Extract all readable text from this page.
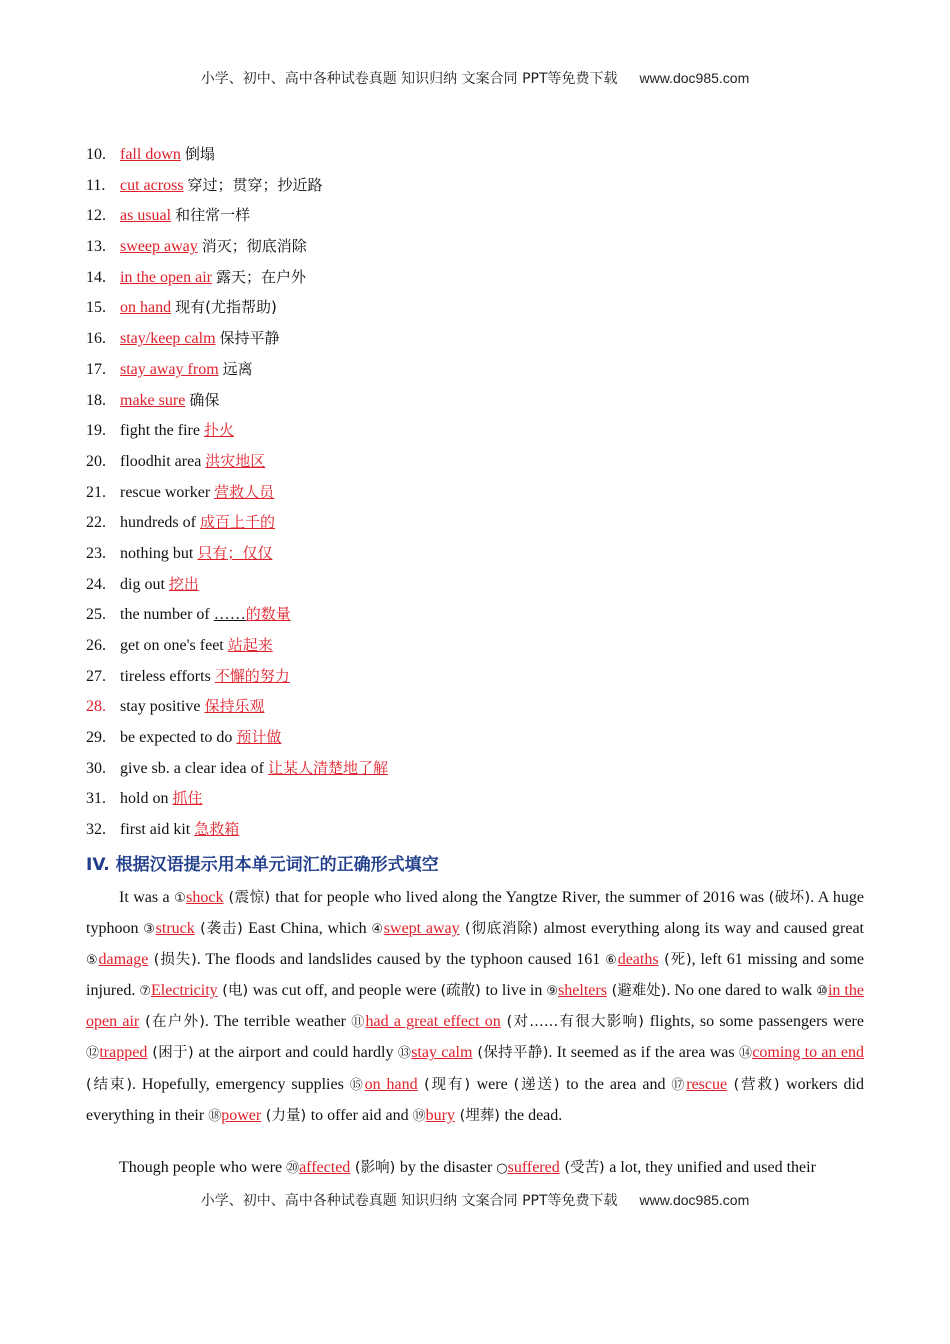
小学、初中、高中各种试卷真题 知识归纳 文案合同 PPT等免费下载 www.doc985.com
10. fall down 倒塌
11. cut across 穿过；贯穿；抄近路
12. as usual 和往常一样
13. sweep away 消灭；彻底消除
14. in the open air 露天；在户外
15. on hand 现有(尤指帮助)
16. stay/keep calm 保持平静
17. stay away from 远离
18. make sure 确保
19. fight the fire 扑火
20. floodhit area 洪灾地区
21. rescue worker 营救人员
22. hundreds of 成百上千的
23. nothing but 只有；仅仅
24. dig out 挖出
25. the number of ……的数量
26. get on one's feet 站起来
27. tireless efforts 不懈的努力
28. stay positive 保持乐观
29. be expected to do 预计做
30. give sb. a clear idea of 让某人清楚地了解
31. hold on 抓住
32. first aid kit 急救箱
IV. 根据汉语提示用本单元词汇的正确形式填空

It was a ①shock (震惊) that for people who lived along the Yangtze River, the summer of 2016 was (破坏). A huge typhoon ③struck (袭击) East China, which ④swept away (彻底消除) almost everything along its way and caused great ⑤damage (损失). The floods and landslides caused by the typhoon caused 161 ⑥deaths (死), left 61 missing and some injured. ⑦Electricity (电) was cut off, and people were (疏散) to live in ⑨shelters (避难处). No one dared to walk ⑩in the open air (在户外). The terrible weather ⑪had a great effect on (对……有很大影响) flights, so some passengers were ⑫trapped (困于) at the airport and could hardly ⑬stay calm (保持平静). It seemed as if the area was ⑭coming to an end (结束). Hopefully, emergency supplies ⑮on hand (现有) were (递送) to the area and ⑰rescue (营救) workers did everything in their ⑱power (力量) to offer aid and ⑲bury (埋葬) the dead.

Though people who were ⑳affected (影响) by the disaster ○suffered (受苦) a lot, they unified and used their

小学、初中、高中各种试卷真题 知识归纳 文案合同 PPT等免费下载 www.doc985.com
